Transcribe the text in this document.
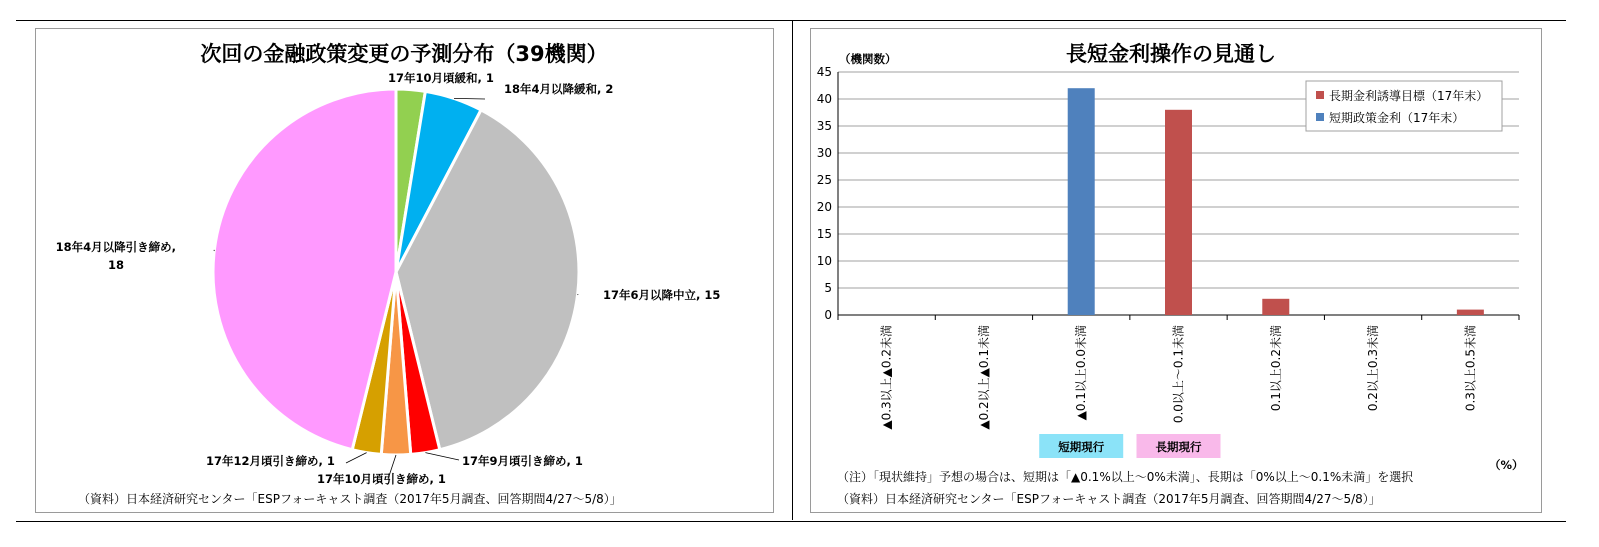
次回の金融政策変更の予測分布（39機関）
17年10月頃緩和, 1
18年4月以降緩和, 2
17年6月以降中立, 15
17年9月頃引き締め, 1
17年10月頃引き締め, 1
17年12月頃引き締め, 1
18年4月以降引き締め,
18
（資料）日本経済研究センター「ESPフォーキャスト調査（2017年5月調査、回答期間4/27～5/8）」
長短金利操作の見通し
（機関数）
0
5
10
15
20
25
30
35
40
45
▲0.3以上▲0.2未満	▲0.2以上▲0.1未満	▲0.1以上0.0未満	0.0以上～0.1未満	0.1以上0.2未満	0.2以上0.3未満	0.3以上0.5未満
長期金利誘導目標（17年末）
短期政策金利（17年末）
短期現行	長期現行
（%）
（注）「現状維持」予想の場合は、短期は「▲0.1%以上～0%未満」、長期は「0%以上～0.1%未満」を選択
（資料）日本経済研究センター「ESPフォーキャスト調査（2017年5月調査、回答期間4/27～5/8）」
